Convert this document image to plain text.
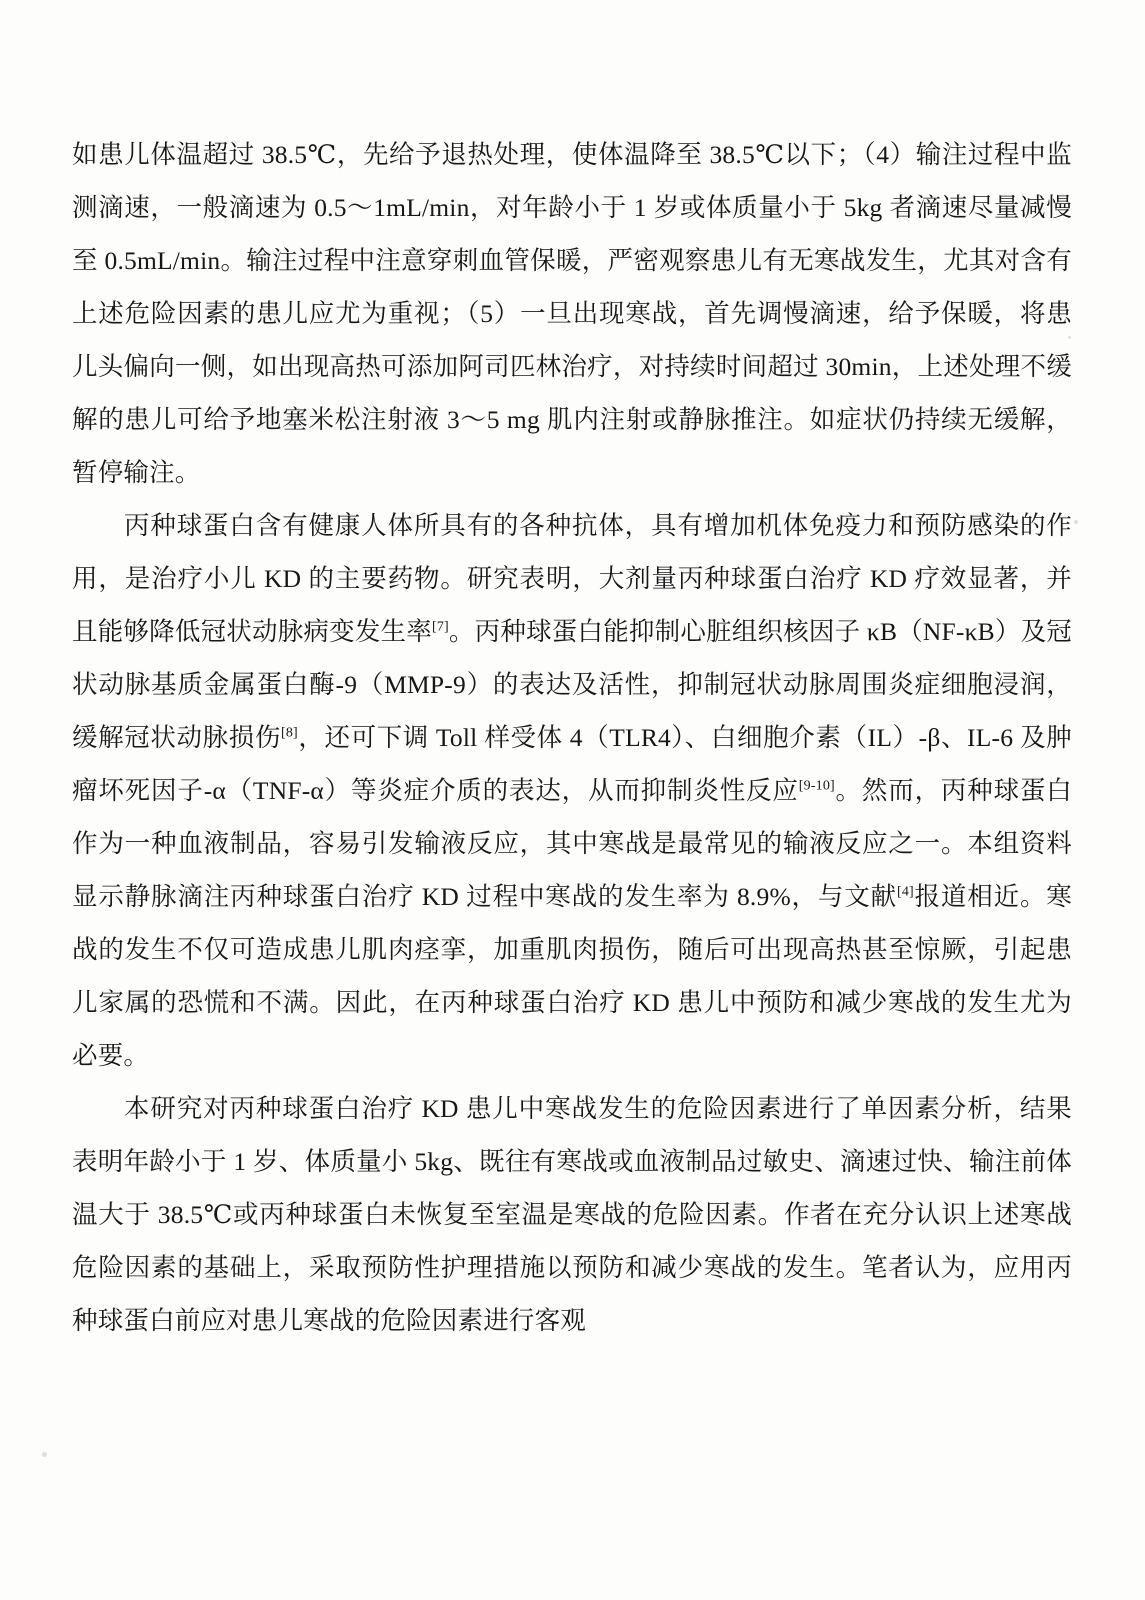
如患儿体温超过 38.5℃，先给予退热处理，使体温降至 38.5℃以下；（4）输注过程中监测滴速，一般滴速为 0.5～1mL/min，对年龄小于 1 岁或体质量小于 5kg 者滴速尽量减慢至 0.5mL/min。输注过程中注意穿刺血管保暖，严密观察患儿有无寒战发生，尤其对含有上述危险因素的患儿应尤为重视；（5）一旦出现寒战，首先调慢滴速，给予保暖，将患儿头偏向一侧，如出现高热可添加阿司匹林治疗，对持续时间超过 30min，上述处理不缓解的患儿可给予地塞米松注射液 3～5 mg 肌内注射或静脉推注。如症状仍持续无缓解，暂停输注。

丙种球蛋白含有健康人体所具有的各种抗体，具有增加机体免疫力和预防感染的作用，是治疗小儿 KD 的主要药物。研究表明，大剂量丙种球蛋白治疗 KD 疗效显著，并且能够降低冠状动脉病变发生率[7]。丙种球蛋白能抑制心脏组织核因子 κB（NF-κB）及冠状动脉基质金属蛋白酶-9（MMP-9）的表达及活性，抑制冠状动脉周围炎症细胞浸润，缓解冠状动脉损伤[8]，还可下调 Toll 样受体 4（TLR4）、白细胞介素（IL）-β、IL-6 及肿瘤坏死因子-α（TNF-α）等炎症介质的表达，从而抑制炎性反应[9-10]。然而，丙种球蛋白作为一种血液制品，容易引发输液反应，其中寒战是最常见的输液反应之一。本组资料显示静脉滴注丙种球蛋白治疗 KD 过程中寒战的发生率为 8.9%，与文献[4]报道相近。寒战的发生不仅可造成患儿肌肉痉挛，加重肌肉损伤，随后可出现高热甚至惊厥，引起患儿家属的恐慌和不满。因此，在丙种球蛋白治疗 KD 患儿中预防和减少寒战的发生尤为必要。

本研究对丙种球蛋白治疗 KD 患儿中寒战发生的危险因素进行了单因素分析，结果表明年龄小于 1 岁、体质量小 5kg、既往有寒战或血液制品过敏史、滴速过快、输注前体温大于 38.5℃或丙种球蛋白未恢复至室温是寒战的危险因素。作者在充分认识上述寒战危险因素的基础上，采取预防性护理措施以预防和减少寒战的发生。笔者认为，应用丙种球蛋白前应对患儿寒战的危险因素进行客观
